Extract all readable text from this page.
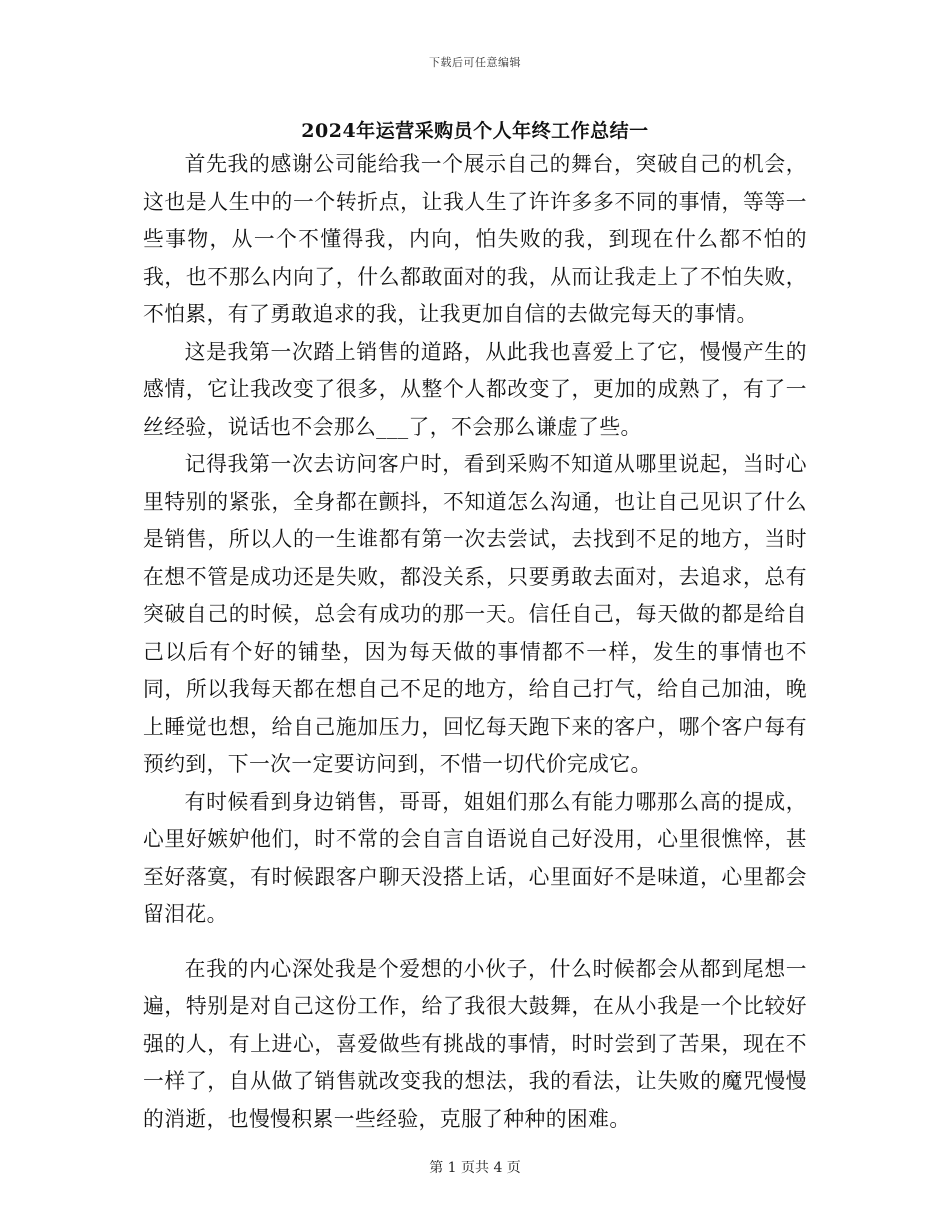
下载后可任意编辑
2024年运营采购员个人年终工作总结一

首先我的感谢公司能给我一个展示自己的舞台，突破自己的机会，这也是人生中的一个转折点，让我人生了许许多多不同的事情，等等一些事物，从一个不懂得我，内向，怕失败的我，到现在什么都不怕的我，也不那么内向了，什么都敢面对的我，从而让我走上了不怕失败，不怕累，有了勇敢追求的我，让我更加自信的去做完每天的事情。

这是我第一次踏上销售的道路，从此我也喜爱上了它，慢慢产生的感情，它让我改变了很多，从整个人都改变了，更加的成熟了，有了一丝经验，说话也不会那么___了，不会那么谦虚了些。

记得我第一次去访问客户时，看到采购不知道从哪里说起，当时心里特别的紧张，全身都在颤抖，不知道怎么沟通，也让自己见识了什么是销售，所以人的一生谁都有第一次去尝试，去找到不足的地方，当时在想不管是成功还是失败，都没关系，只要勇敢去面对，去追求，总有突破自己的时候，总会有成功的那一天。信任自己，每天做的都是给自己以后有个好的铺垫，因为每天做的事情都不一样，发生的事情也不同，所以我每天都在想自己不足的地方，给自己打气，给自己加油，晚上睡觉也想，给自己施加压力，回忆每天跑下来的客户，哪个客户每有预约到，下一次一定要访问到，不惜一切代价完成它。

有时候看到身边销售，哥哥，姐姐们那么有能力哪那么高的提成，心里好嫉妒他们，时不常的会自言自语说自己好没用，心里很憔悴，甚至好落寞，有时候跟客户聊天没搭上话，心里面好不是味道，心里都会留泪花。

在我的内心深处我是个爱想的小伙子，什么时候都会从都到尾想一遍，特别是对自己这份工作，给了我很大鼓舞，在从小我是一个比较好强的人，有上进心，喜爱做些有挑战的事情，时时尝到了苦果，现在不一样了，自从做了销售就改变我的想法，我的看法，让失败的魔咒慢慢的消逝，也慢慢积累一些经验，克服了种种的困难。

第 1 页共 4 页
